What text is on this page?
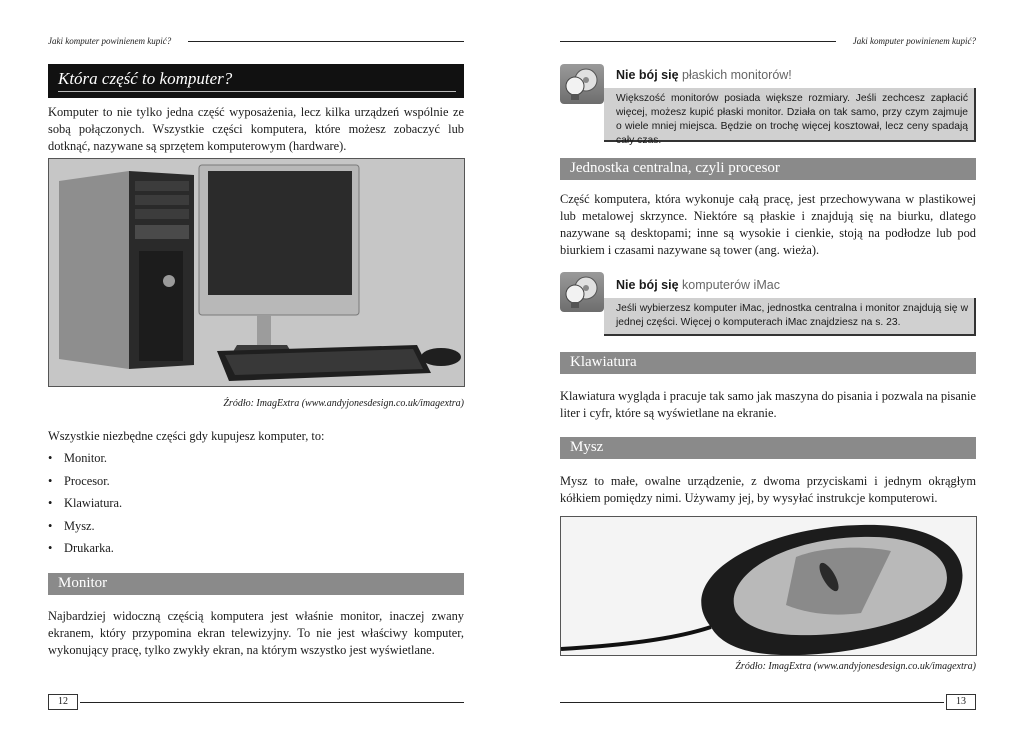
Jaki komputer powinienem kupić?
Która część to komputer?
Komputer to nie tylko jedna część wyposażenia, lecz kilka urządzeń wspólnie ze sobą połączonych. Wszystkie części komputera, które możesz zobaczyć lub dotknąć, nazywane są sprzętem komputerowym (hardware).
Źródło: ImagExtra (www.andyjonesdesign.co.uk/imagextra)
Wszystkie niezbędne części gdy kupujesz komputer, to:
• Monitor.
• Procesor.
• Klawiatura.
• Mysz.
• Drukarka.
Monitor
Najbardziej widoczną częścią komputera jest właśnie monitor, inaczej zwany ekranem, który przypomina ekran telewizyjny. To nie jest właściwy komputer, wykonujący pracę, tylko zwykły ekran, na którym wszystko jest wyświetlane.
12
Jaki komputer powinienem kupić?
Nie bój się płaskich monitorów!
Większość monitorów posiada większe rozmiary. Jeśli zechcesz zapłacić więcej, możesz kupić płaski monitor. Działa on tak samo, przy czym zajmuje o wiele mniej miejsca. Będzie on trochę więcej kosztował, lecz ceny spadają cały czas.
Jednostka centralna, czyli procesor
Część komputera, która wykonuje całą pracę, jest przechowywana w plastikowej lub metalowej skrzynce. Niektóre są płaskie i znajdują się na biurku, dlatego nazywane są desktopami; inne są wysokie i cienkie, stoją na podłodze lub pod biurkiem i czasami nazywane są tower (ang. wieża).
Nie bój się komputerów iMac
Jeśli wybierzesz komputer iMac, jednostka centralna i monitor znajdują się w jednej części. Więcej o komputerach iMac znajdziesz na s. 23.
Klawiatura
Klawiatura wygląda i pracuje tak samo jak maszyna do pisania i pozwala na pisanie liter i cyfr, które są wyświetlane na ekranie.
Mysz
Mysz to małe, owalne urządzenie, z dwoma przyciskami i jednym okrągłym kółkiem pomiędzy nimi. Używamy jej, by wysyłać instrukcje komputerowi.
Źródło: ImagExtra (www.andyjonesdesign.co.uk/imagextra)
13
